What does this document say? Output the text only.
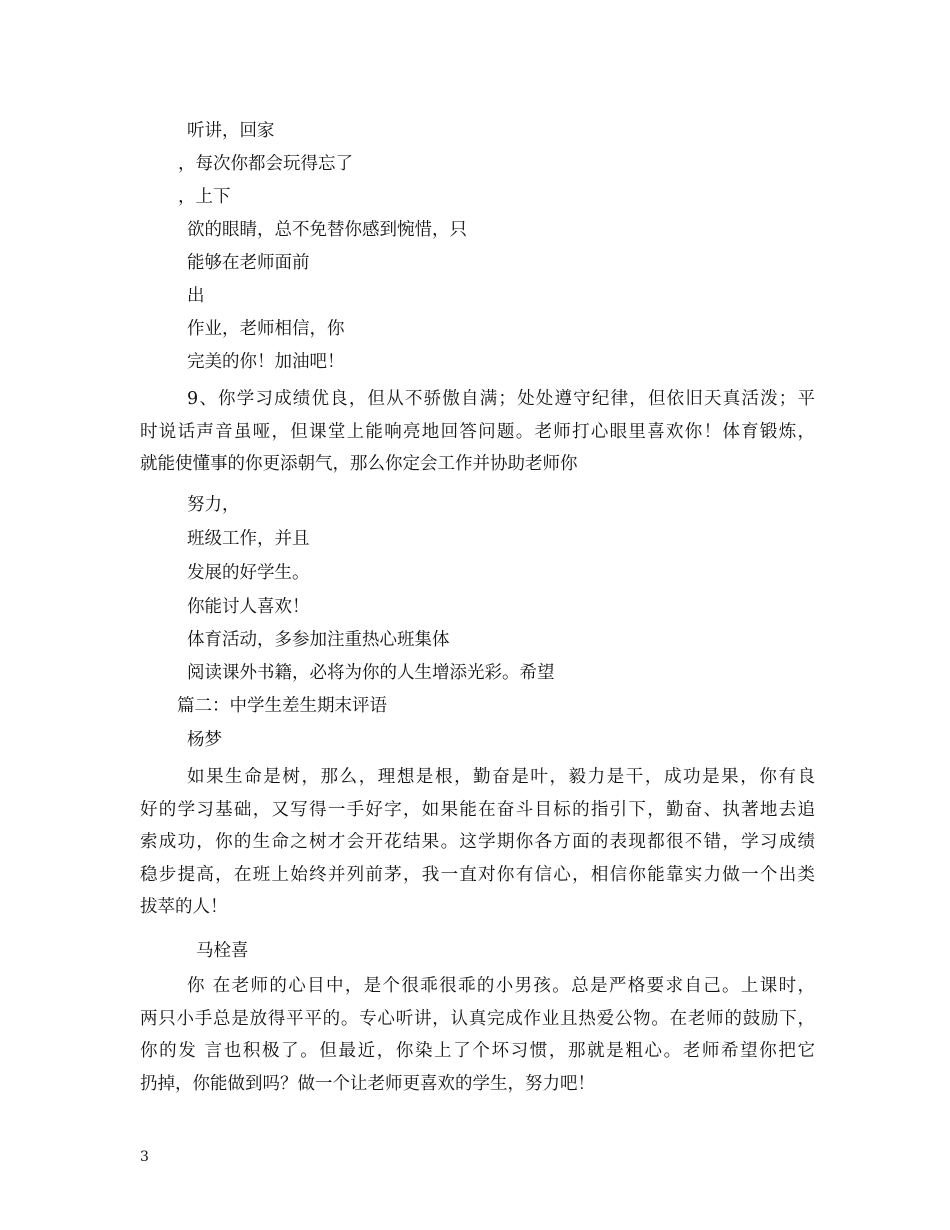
听讲，回家
，每次你都会玩得忘了
，上下
欲的眼睛，总不免替你感到惋惜，只
能够在老师面前
出
作业，老师相信，你
完美的你！加油吧！
9、你学习成绩优良，但从不骄傲自满；处处遵守纪律，但依旧天真活泼；平
时说话声音虽哑，但课堂上能响亮地回答问题。老师打心眼里喜欢你！体育锻炼，
就能使懂事的你更添朝气，那么你定会工作并协助老师你
努力，
班级工作，并且
发展的好学生。
你能讨人喜欢！
体育活动，多参加注重热心班集体
阅读课外书籍，必将为你的人生增添光彩。希望
篇二：中学生差生期末评语
杨梦
如果生命是树，那么，理想是根，勤奋是叶，毅力是干，成功是果，你有良
好的学习基础，又写得一手好字，如果能在奋斗目标的指引下，勤奋、执著地去追
索成功，你的生命之树才会开花结果。这学期你各方面的表现都很不错，学习成绩
稳步提高，在班上始终并列前茅，我一直对你有信心，相信你能靠实力做一个出类
拔萃的人！
马栓喜
你 在老师的心目中，是个很乖很乖的小男孩。总是严格要求自己。上课时，
两只小手总是放得平平的。专心听讲，认真完成作业且热爱公物。在老师的鼓励下，
你的发 言也积极了。但最近，你染上了个坏习惯，那就是粗心。老师希望你把它
扔掉，你能做到吗？做一个让老师更喜欢的学生，努力吧！
3
